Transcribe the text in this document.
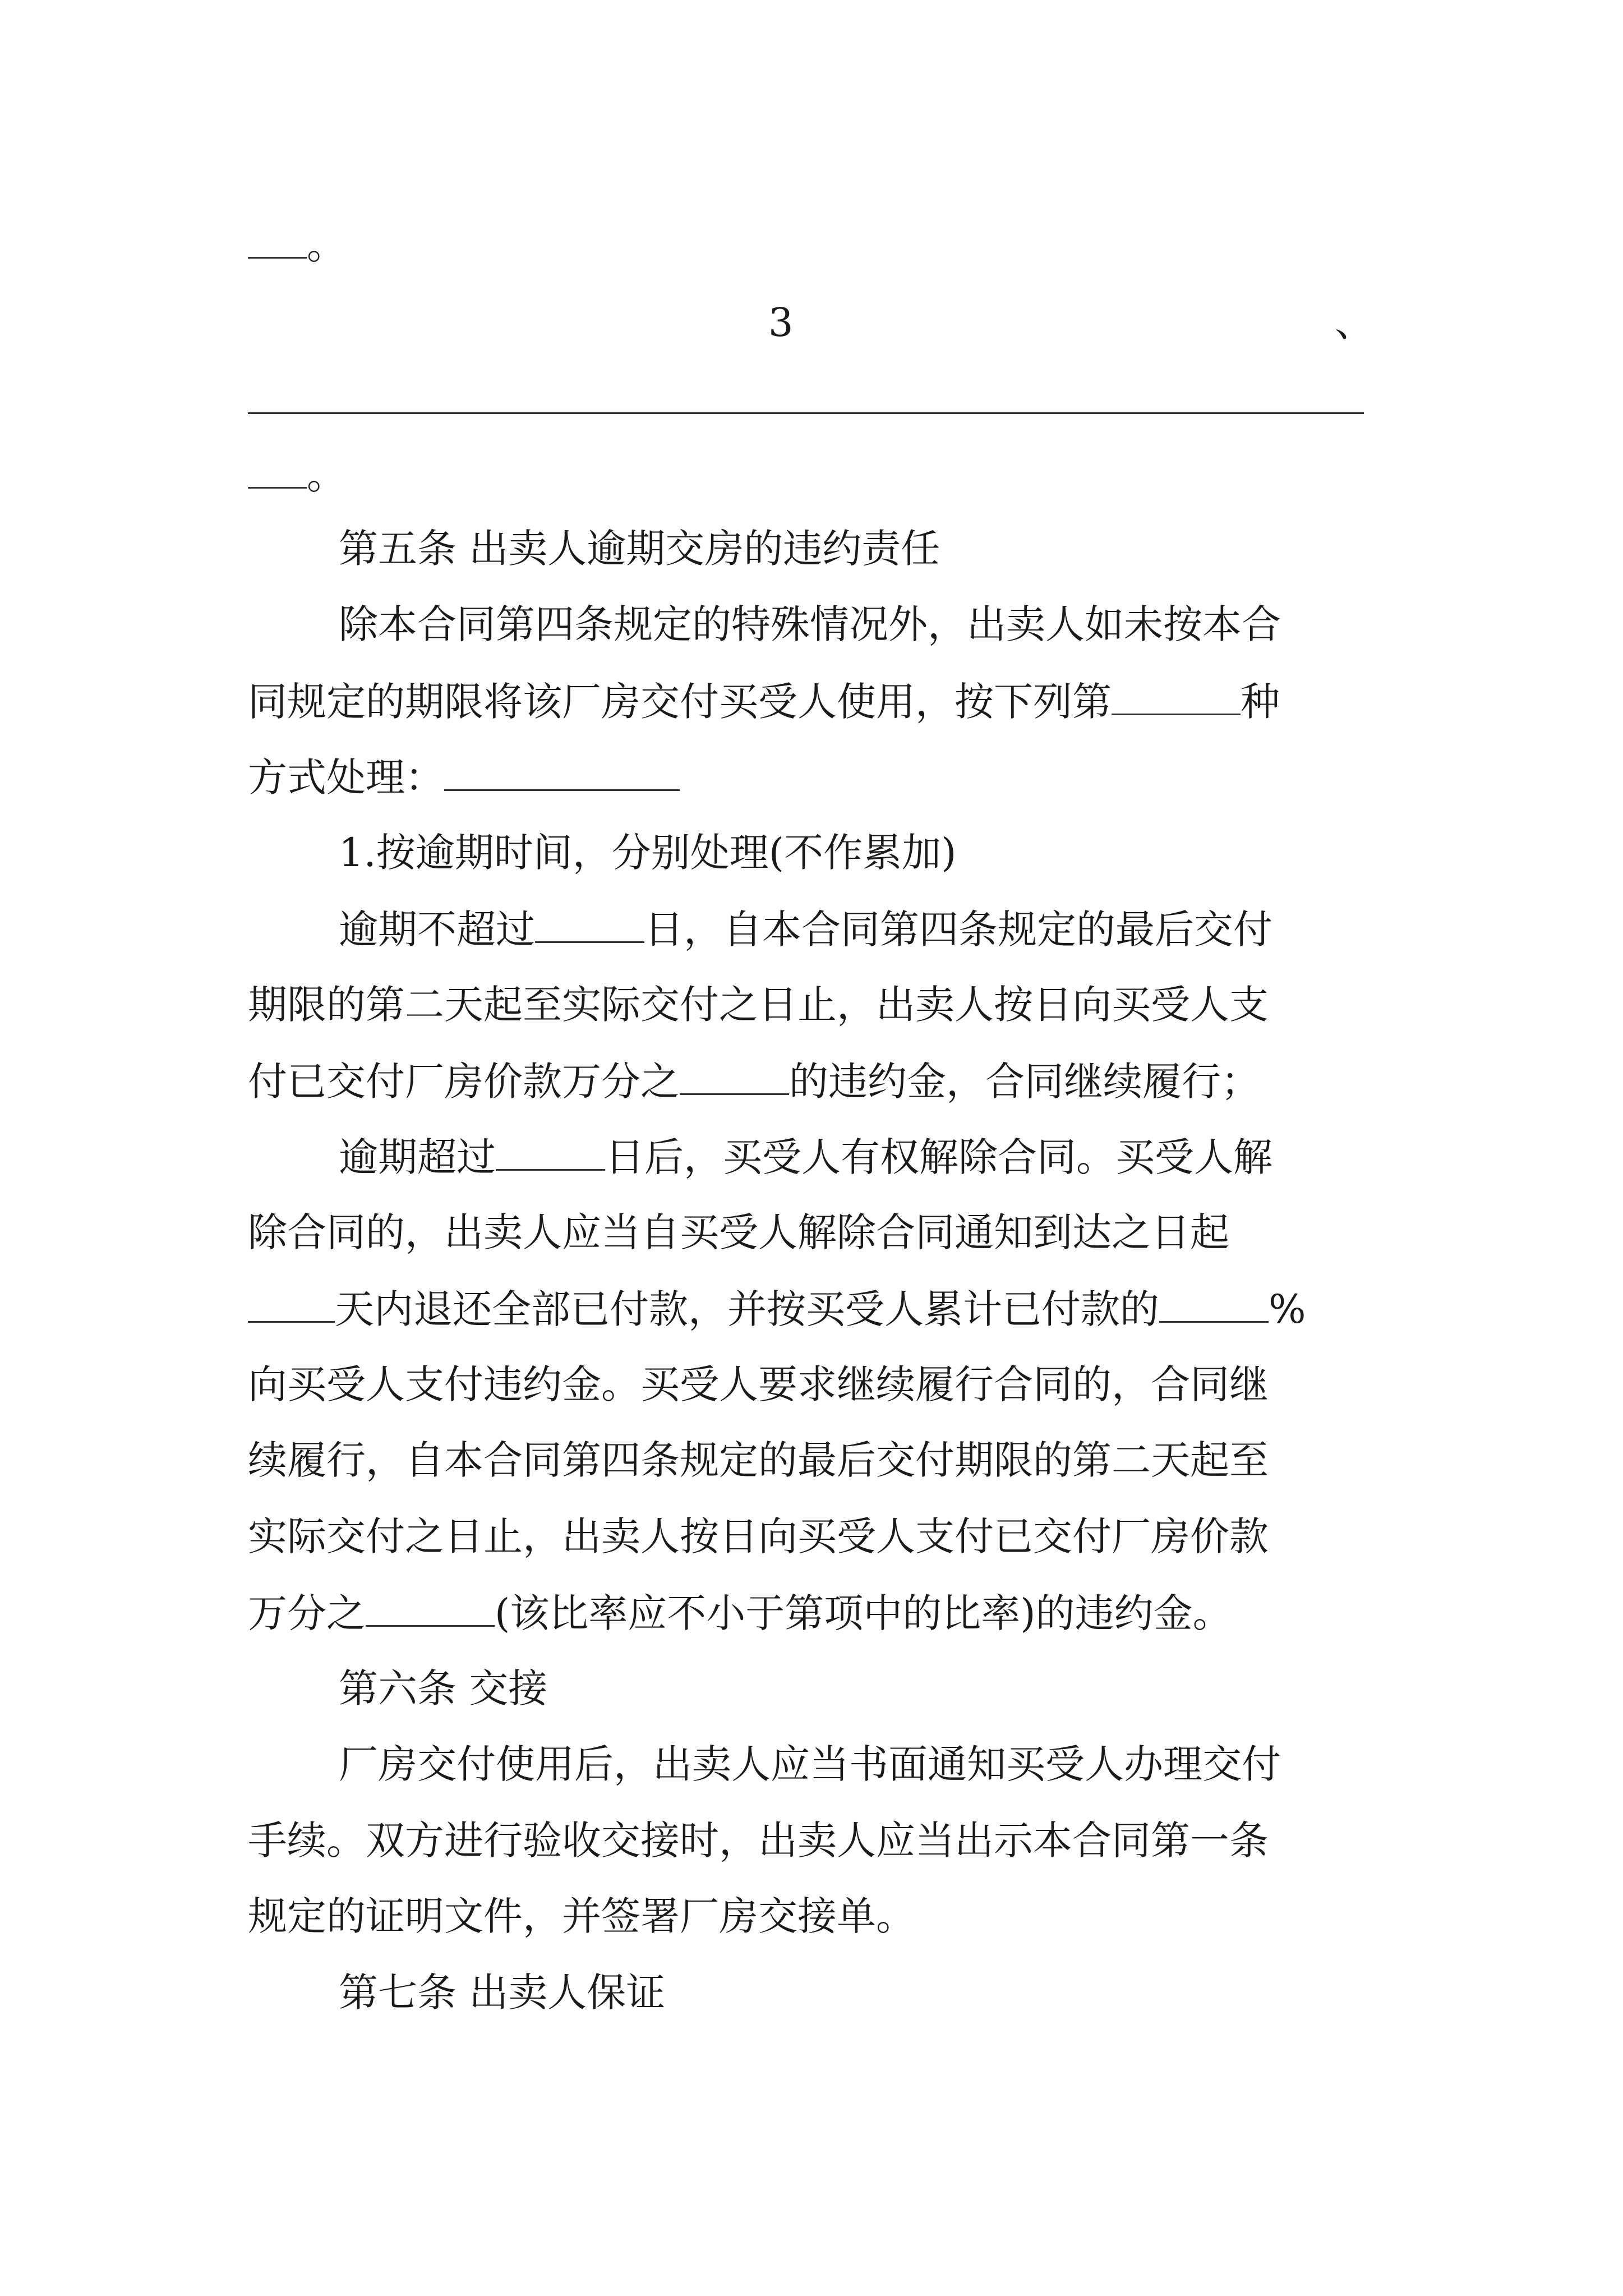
。
3	、
。
第五条 出卖人逾期交房的违约责任
除本合同第四条规定的特殊情况外，出卖人如未按本合
同规定的期限将该厂房交付买受人使用，按下列第	种
方式处理：
1.按逾期时间，分别处理(不作累加)
逾期不超过	日，自本合同第四条规定的最后交付
期限的第二天起至实际交付之日止，出卖人按日向买受人支
付已交付厂房价款万分之	的违约金，合同继续履行；
逾期超过	日后，买受人有权解除合同。买受人解
除合同的，出卖人应当自买受人解除合同通知到达之日起
天内退还全部已付款，并按买受人累计已付款的	%
向买受人支付违约金。买受人要求继续履行合同的，合同继
续履行，自本合同第四条规定的最后交付期限的第二天起至
实际交付之日止，出卖人按日向买受人支付已交付厂房价款
万分之	(该比率应不小于第项中的比率)的违约金。
第六条 交接
厂房交付使用后，出卖人应当书面通知买受人办理交付
手续。双方进行验收交接时，出卖人应当出示本合同第一条
规定的证明文件，并签署厂房交接单。
第七条 出卖人保证
